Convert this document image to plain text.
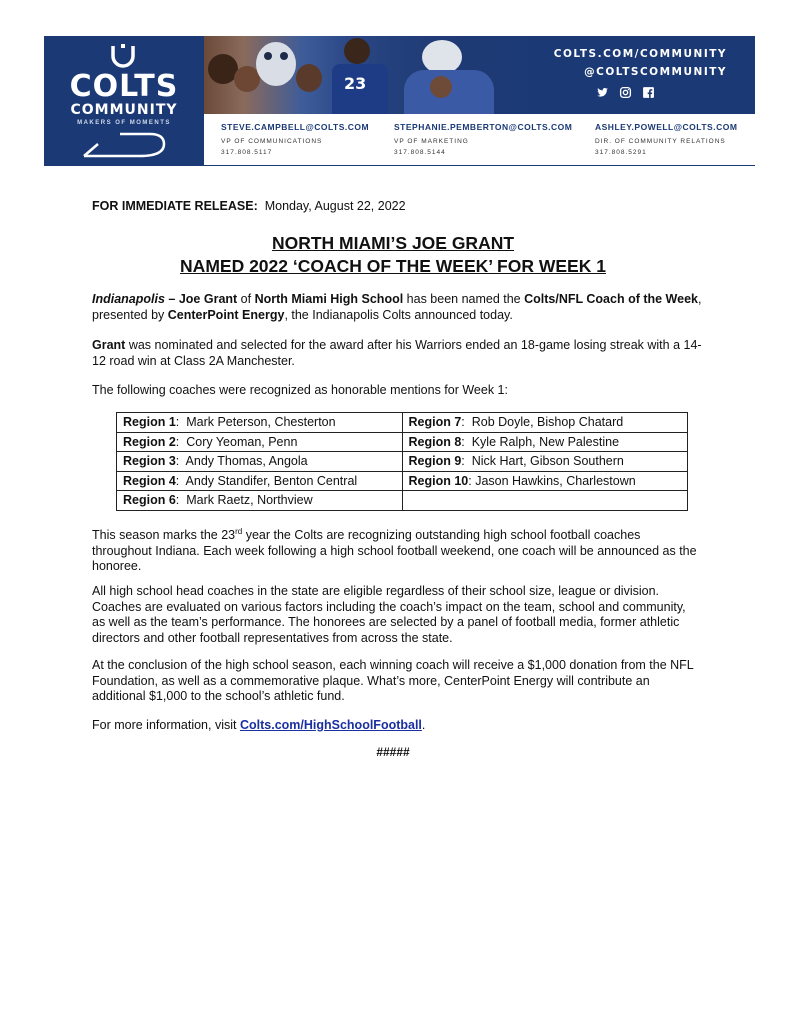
COLTS
COMMUNITY
MAKERS OF MOMENTS
23
COLTS.COM/COMMUNITY
@COLTSCOMMUNITY
STEVE.CAMPBELL@COLTS.COM
VP OF COMMUNICATIONS
317.808.5117
STEPHANIE.PEMBERTON@COLTS.COM
VP OF MARKETING
317.808.5144
ASHLEY.POWELL@COLTS.COM
DIR. OF COMMUNITY RELATIONS
317.808.5291
FOR IMMEDIATE RELEASE: Monday, August 22, 2022
NORTH MIAMI’S JOE GRANT
NAMED 2022 ‘COACH OF THE WEEK’ FOR WEEK 1
Indianapolis – Joe Grant of North Miami High School has been named the Colts/NFL Coach of the Week, presented by CenterPoint Energy, the Indianapolis Colts announced today.
Grant was nominated and selected for the award after his Warriors ended an 18-game losing streak with a 14-12 road win at Class 2A Manchester.
The following coaches were recognized as honorable mentions for Week 1:
Region 1:  Mark Peterson, Chesterton	Region 7:  Rob Doyle, Bishop Chatard
Region 2:  Cory Yeoman, Penn	Region 8:  Kyle Ralph, New Palestine
Region 3:  Andy Thomas, Angola	Region 9:  Nick Hart, Gibson Southern
Region 4:  Andy Standifer, Benton Central	Region 10: Jason Hawkins, Charlestown
Region 6:  Mark Raetz, Northview	
This season marks the 23rd year the Colts are recognizing outstanding high school football coaches throughout Indiana. Each week following a high school football weekend, one coach will be announced as the honoree.
All high school head coaches in the state are eligible regardless of their school size, league or division. Coaches are evaluated on various factors including the coach’s impact on the team, school and community, as well as the team’s performance. The honorees are selected by a panel of football media, former athletic directors and other football representatives from across the state.
At the conclusion of the high school season, each winning coach will receive a $1,000 donation from the NFL Foundation, as well as a commemorative plaque. What’s more, CenterPoint Energy will contribute an additional $1,000 to the school’s athletic fund.
For more information, visit Colts.com/HighSchoolFootball.
#####
